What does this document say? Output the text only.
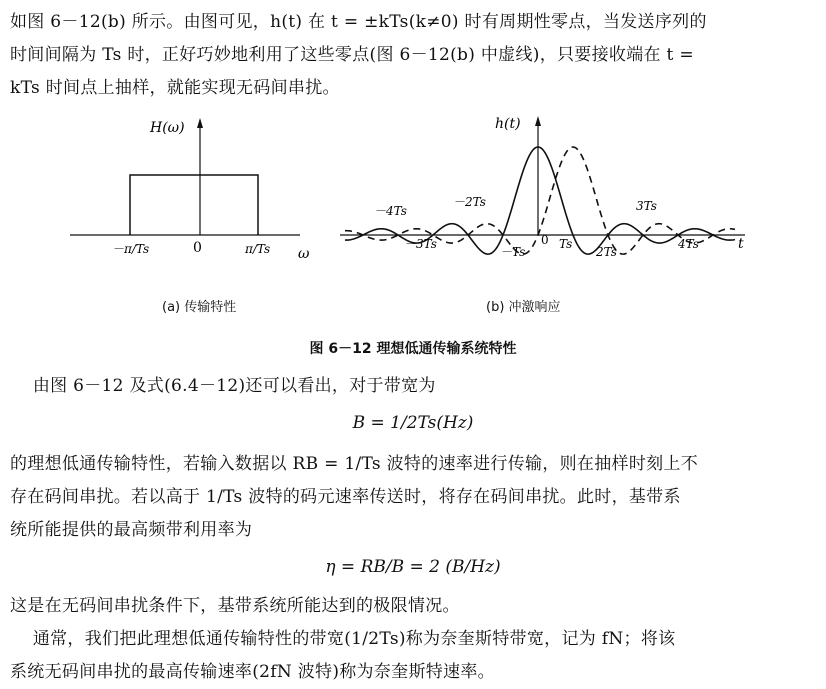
如图 6－12(b) 所示。由图可见，h(t) 在 t = ±kTs(k≠0) 时有周期性零点，当发送序列的
时间间隔为 Ts 时，正好巧妙地利用了这些零点(图 6－12(b) 中虚线)，只要接收端在 t =
kTs 时间点上抽样，就能实现无码间串扰。

H(ω)
ω
0
－π/Ts	π/Ts
h(t)
t
－4Ts
－2Ts	3Ts
－3Ts
－Ts
0 Ts
2Ts
4Ts
(a) 传输特性	(b) 冲激响应
图 6－12 理想低通传输系统特性

由图 6－12 及式(6.4－12)还可以看出，对于带宽为

B = 1/2Ts(Hz)

的理想低通传输特性，若输入数据以 RB = 1/Ts 波特的速率进行传输，则在抽样时刻上不
存在码间串扰。若以高于 1/Ts 波特的码元速率传送时，将存在码间串扰。此时，基带系
统所能提供的最高频带利用率为

η = RB/B = 2 (B/Hz)

这是在无码间串扰条件下，基带系统所能达到的极限情况。
通常，我们把此理想低通传输特性的带宽(1/2Ts)称为奈奎斯特带宽，记为 fN；将该
系统无码间串扰的最高传输速率(2fN 波特)称为奈奎斯特速率。
